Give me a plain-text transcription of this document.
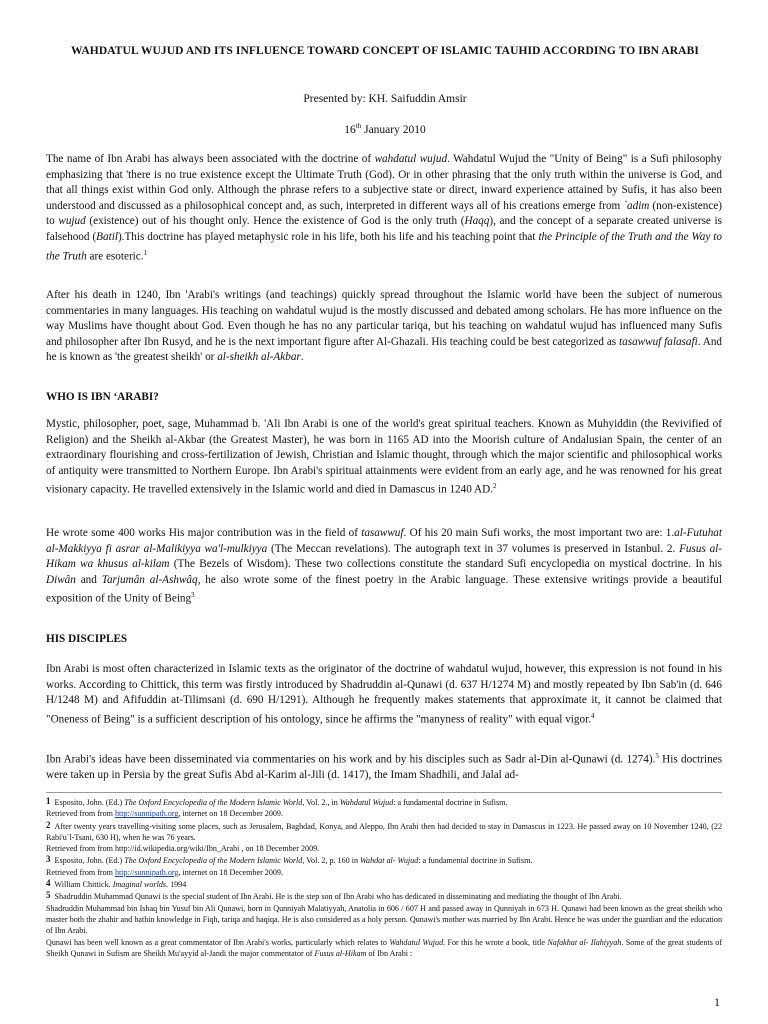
WAHDATUL WUJUD AND ITS INFLUENCE TOWARD CONCEPT OF ISLAMIC TAUHID ACCORDING TO IBN ARABI
Presented by: KH. Saifuddin Amsir
16th January 2010

The name of Ibn Arabi has always been associated with the doctrine of wahdatul wujud. Wahdatul Wujud the "Unity of Being" is a Sufi philosophy emphasizing that 'there is no true existence except the Ultimate Truth (God). Or in other phrasing that the only truth within the universe is God, and that all things exist within God only. Although the phrase refers to a subjective state or direct, inward experience attained by Sufis, it has also been understood and discussed as a philosophical concept and, as such, interpreted in different ways all of his creations emerge from `adim (non-existence) to wujud (existence) out of his thought only. Hence the existence of God is the only truth (Haqq), and the concept of a separate created universe is falsehood (Batil).This doctrine has played metaphysic role in his life, both his life and his teaching point that the Principle of the Truth and the Way to the Truth are esoteric.$^1$

After his death in 1240, Ibn 'Arabi's writings (and teachings) quickly spread throughout the Islamic world have been the subject of numerous commentaries in many languages. His teaching on wahdatul wujud is the mostly discussed and debated among scholars. He has more influence on the way Muslims have thought about God. Even though he has no any particular tariqa, but his teaching on wahdatul wujud has influenced many Sufis and philosopher after Ibn Rusyd, and he is the next important figure after Al-Ghazali. His teaching could be best categorized as tasawwuf falasafi. And he is known as 'the greatest sheikh' or al-sheikh al-Akbar.

WHO IS IBN ‘ARABI?

Mystic, philosopher, poet, sage, Muhammad b. 'Ali Ibn Arabi is one of the world's great spiritual teachers. Known as Muhyiddin (the Revivified of Religion) and the Sheikh al-Akbar (the Greatest Master), he was born in 1165 AD into the Moorish culture of Andalusian Spain, the center of an extraordinary flourishing and cross-fertilization of Jewish, Christian and Islamic thought, through which the major scientific and philosophical works of antiquity were transmitted to Northern Europe. Ibn Arabi's spiritual attainments were evident from an early age, and he was renowned for his great visionary capacity. He travelled extensively in the Islamic world and died in Damascus in 1240 AD.$^2$

He wrote some 400 works His major contribution was in the field of tasawwuf. Of his 20 main Sufi works, the most important two are: 1.al-Futuhat al-Makkiyya fi asrar al-Malikiyya wa'l-mulkiyya (The Meccan revelations). The autograph text in 37 volumes is preserved in Istanbul. 2. Fusus al-Hikam wa khusus al-kilam (The Bezels of Wisdom). These two collections constitute the standard Sufi encyclopedia on mystical doctrine. In his Diwân and Tarjumân al-Ashwâq, he also wrote some of the finest poetry in the Arabic language. These extensive writings provide a beautiful exposition of the Unity of Being$^3$

HIS DISCIPLES

Ibn Arabi is most often characterized in Islamic texts as the originator of the doctrine of wahdatul wujud, however, this expression is not found in his works. According to Chittick, this term was firstly introduced by Shadruddin al-Qunawi (d. 637 H/1274 M) and mostly repeated by Ibn Sab'in (d. 646 H/1248 M) and Afifuddin at-Tilimsani (d. 690 H/1291). Although he frequently makes statements that approximate it, it cannot be claimed that "Oneness of Being" is a sufficient description of his ontology, since he affirms the "manyness of reality" with equal vigor.$^4$

Ibn Arabi's ideas have been disseminated via commentaries on his work and by his disciples such as Sadr al-Din al-Qunawi (d. 1274).$^5$ His doctrines were taken up in Persia by the great Sufis Abd al-Karim al-Jili (d. 1417), the Imam Shadhili, and Jalal ad-

1 Esposito, John. (Ed.) The Oxford Encyclopedia of the Modern Islamic World, Vol. 2., in Wahdatul Wujud: a fundamental doctrine in Sufism.
Retrieved from from http://sunnipath.org, internet on 18 December 2009.

2 After twenty years travelling-visiting some places, such as Jerusalem, Baghdad, Konya, and Aleppo, Ibn Arabi then had decided to stay in Damascus in 1223. He passed away on 10 November 1240, (22 Rabi'u`l-Tsani, 630 H), when he was 76 years.
Retrieved from from http://id.wikipedia.org/wiki/Ibn_Arabi , on 18 December 2009.

3 Esposito, John. (Ed.) The Oxford Encyclopedia of the Modern Islamic World, Vol. 2, p. 160 in Wahdat al- Wujud: a fundamental doctrine in Sufism.
Retrieved from from http://sunnipath.org, internet on 18 December 2009.

4 William Chittick. Imaginal worlds. 1994

5 Shadruddin Muhammad Qunawi is the special student of Ibn Arabi. He is the step son of Ibn Arabi who has dedicated in disseminating and mediating the thought of Ibn Arabi.
Shadruddin Muhammad bin Ishaq bin Yusuf bin Ali Qunawi, born in Qunniyah Malatiyyah, Anatolia in 606 / 607 H and passed away in Qunniyah in 673 H. Qunawi had been known as the great sheikh who master both the zhahir and bathin knowledge in Fiqh, tariqa and haqiqa. He is also considered as a holy person. Qunawi's mother was married by Ibn Arabi. Hence he was under the guardian and the education of Ibn Arabi.
Qunawi has been well known as a great commentator of Ibn Arabi's works, particularly which relates to Wahdatul Wujud. For this he wrote a book, title Nafakhat al- Ilahiyyah. Some of the great students of Sheikh Qunawi in Sufism are Sheikh Mu'ayyid al-Jandi the major commentator of Fusus al-Hikam of Ibn Arabi :

1
